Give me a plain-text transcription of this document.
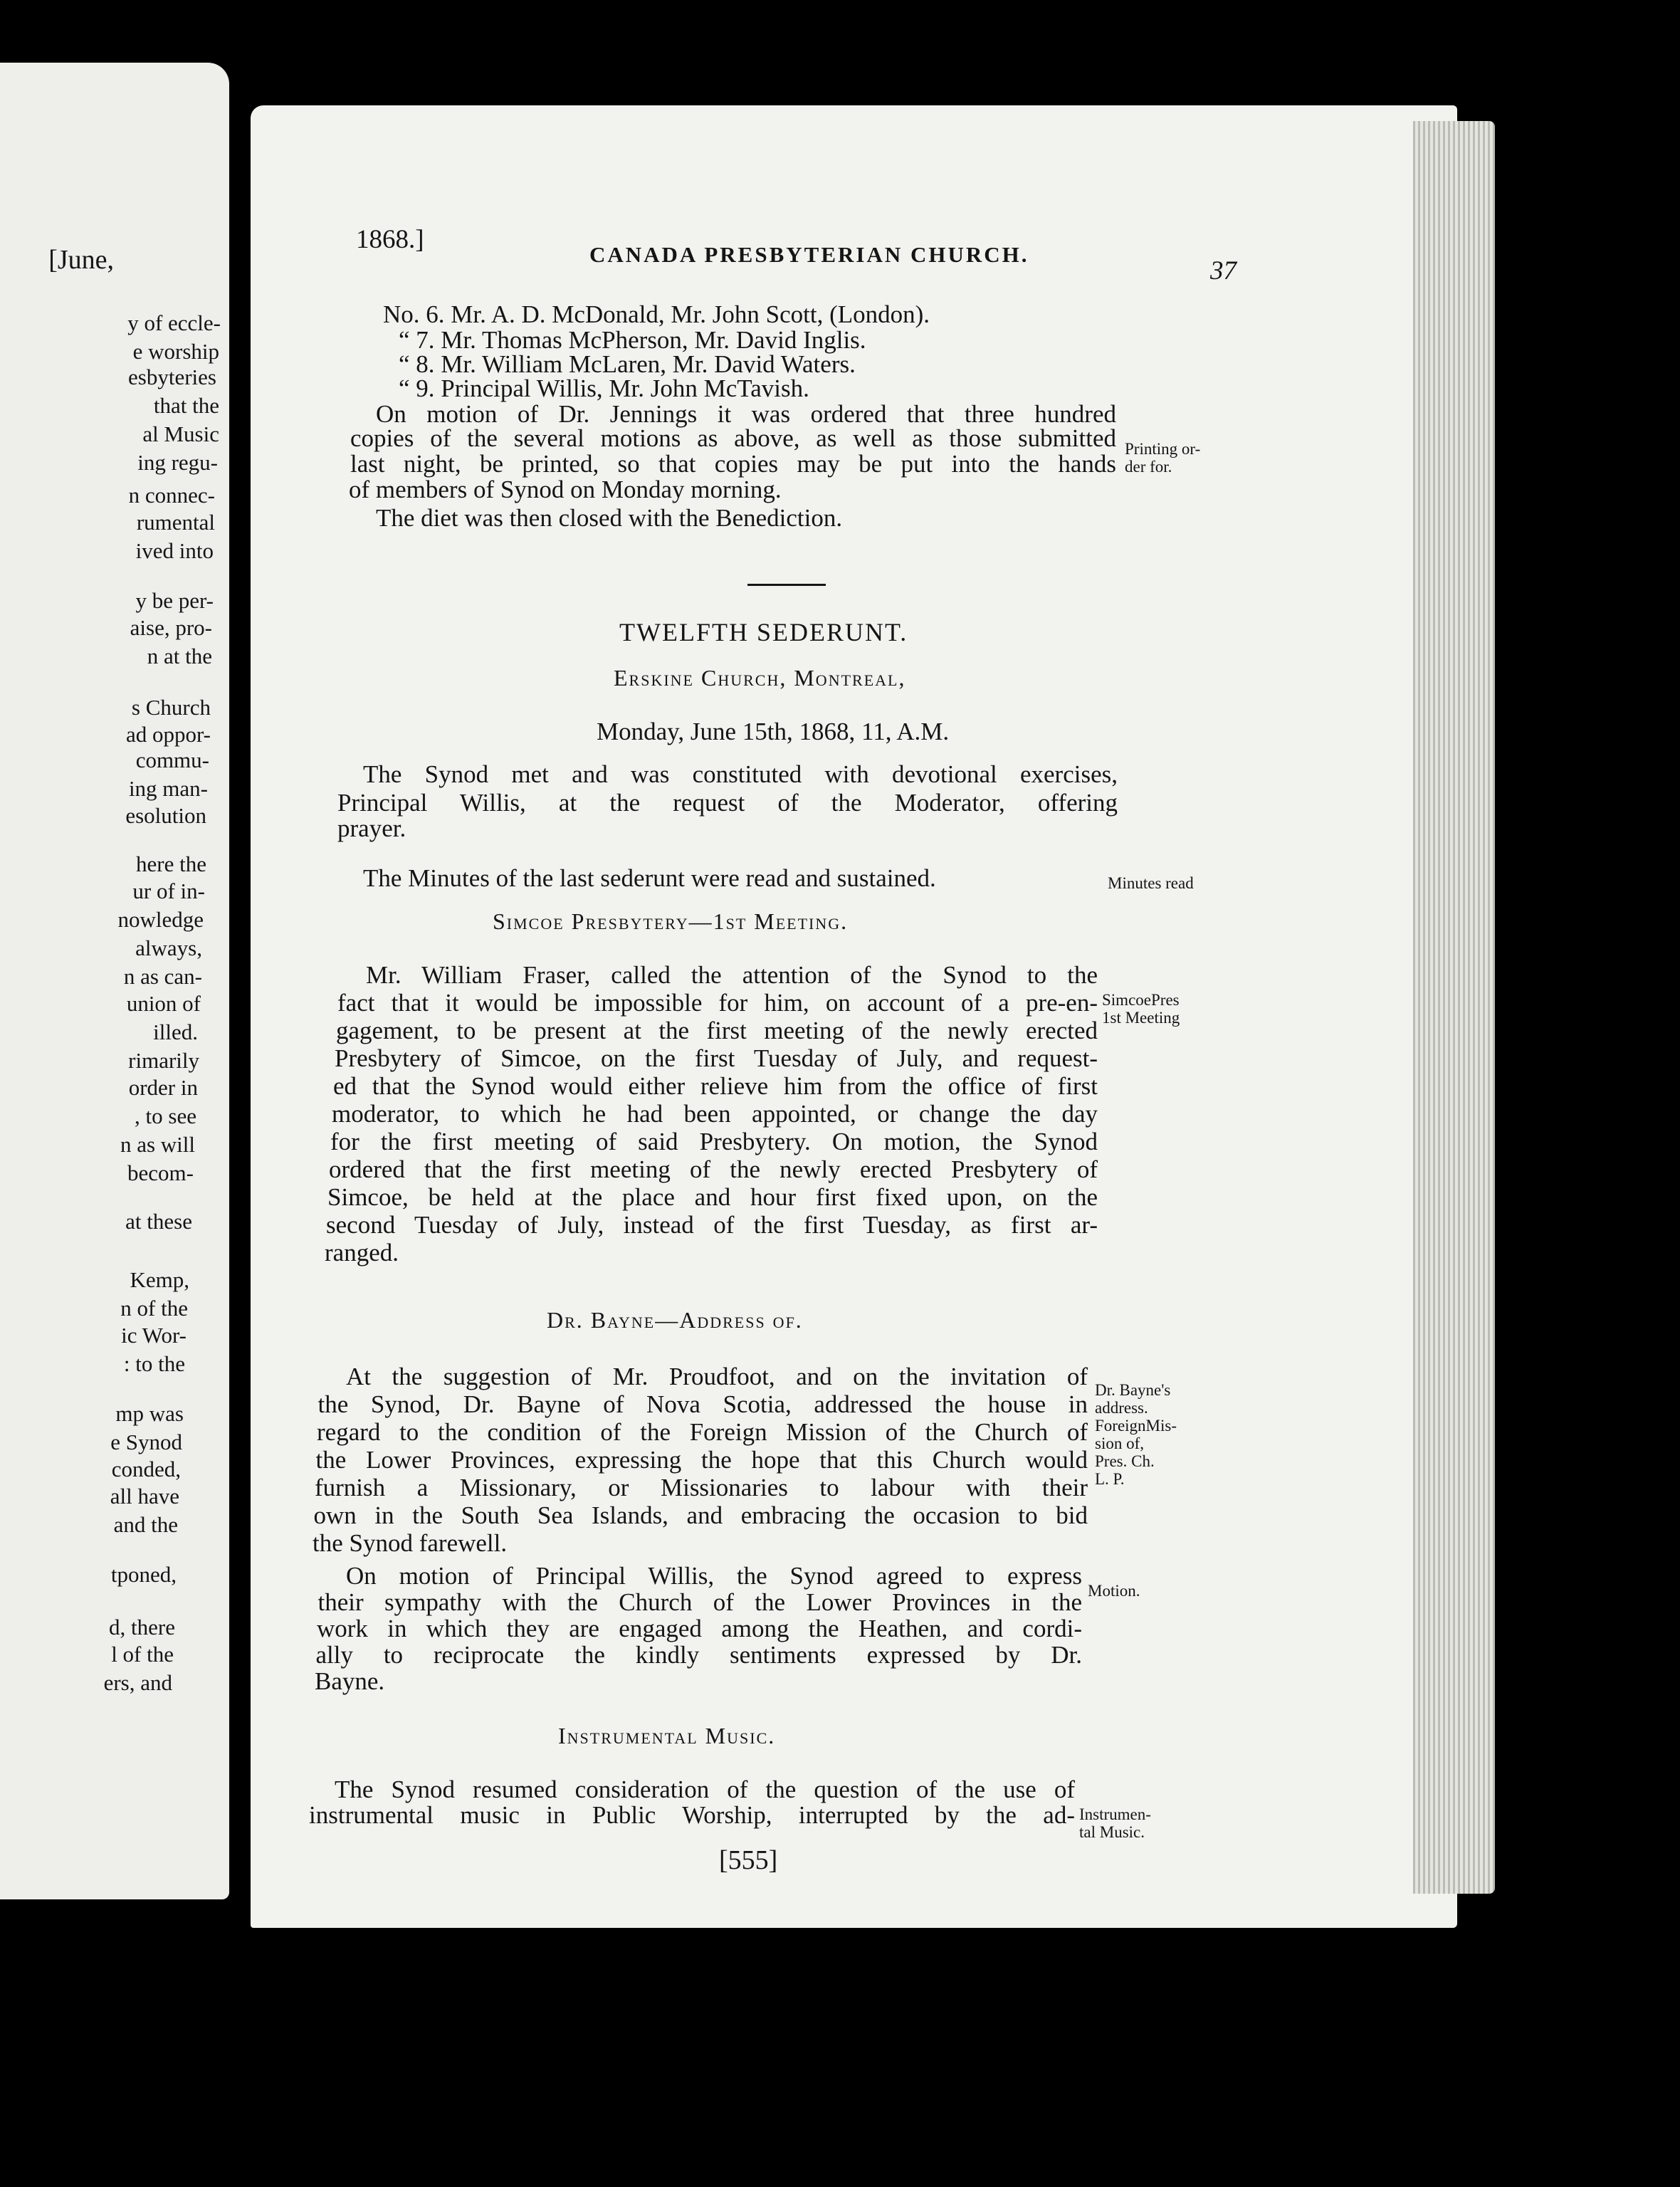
[June,
y of eccle-
e worship
esbyteries
that the
al Music
ing regu-
n connec-
rumental
ived into
y be per-
aise, pro-
n at the
s Church
ad oppor-
commu-
ing man-
esolution
here the
ur of in-
nowledge
always,
n as can-
union of
illed.
rimarily
order in
, to see
n as will
becom-
at these
Kemp,
n of the
ic Wor-
: to the
mp was
e Synod
conded,
all have
and the
tponed,
d, there
l of the
ers, and
1868.]
CANADA PRESBYTERIAN CHURCH.
37
No. 6. Mr. A. D. McDonald, Mr. John Scott, (London).
“ 7. Mr. Thomas McPherson, Mr. David Inglis.
“ 8. Mr. William McLaren, Mr. David Waters.
“ 9. Principal Willis, Mr. John McTavish.
On motion of Dr. Jennings it was ordered that three hundred
copies of the several motions as above, as well as those submitted
last night, be printed, so that copies may be put into the hands
of members of Synod on Monday morning.
The diet was then closed with the Benediction.
TWELFTH SEDERUNT.
Erskine Church, Montreal,
Monday, June 15th, 1868, 11, A.M.
The Synod met and was constituted with devotional exercises,
Principal Willis, at the request of the Moderator, offering
prayer.
The Minutes of the last sederunt were read and sustained.
Simcoe Presbytery—1st Meeting.
Mr. William Fraser, called the attention of the Synod to the
fact that it would be impossible for him, on account of a pre-en-
gagement, to be present at the first meeting of the newly erected
Presbytery of Simcoe, on the first Tuesday of July, and request-
ed that the Synod would either relieve him from the office of first
moderator, to which he had been appointed, or change the day
for the first meeting of said Presbytery. On motion, the Synod
ordered that the first meeting of the newly erected Presbytery of
Simcoe, be held at the place and hour first fixed upon, on the
second Tuesday of July, instead of the first Tuesday, as first ar-
ranged.
Dr. Bayne—Address of.
At the suggestion of Mr. Proudfoot, and on the invitation of
the Synod, Dr. Bayne of Nova Scotia, addressed the house in
regard to the condition of the Foreign Mission of the Church of
the Lower Provinces, expressing the hope that this Church would
furnish a Missionary, or Missionaries to labour with their
own in the South Sea Islands, and embracing the occasion to bid
the Synod farewell.
On motion of Principal Willis, the Synod agreed to express
their sympathy with the Church of the Lower Provinces in the
work in which they are engaged among the Heathen, and cordi-
ally to reciprocate the kindly sentiments expressed by Dr.
Bayne.
Instrumental Music.
The Synod resumed consideration of the question of the use of
instrumental music in Public Worship, interrupted by the ad-
[555]
Printing or-
der for.
Minutes read
SimcoePres
1st Meeting
Dr. Bayne's
address.
ForeignMis-
sion of,
Pres. Ch.
L. P.
Motion.
Instrumen-
tal Music.
